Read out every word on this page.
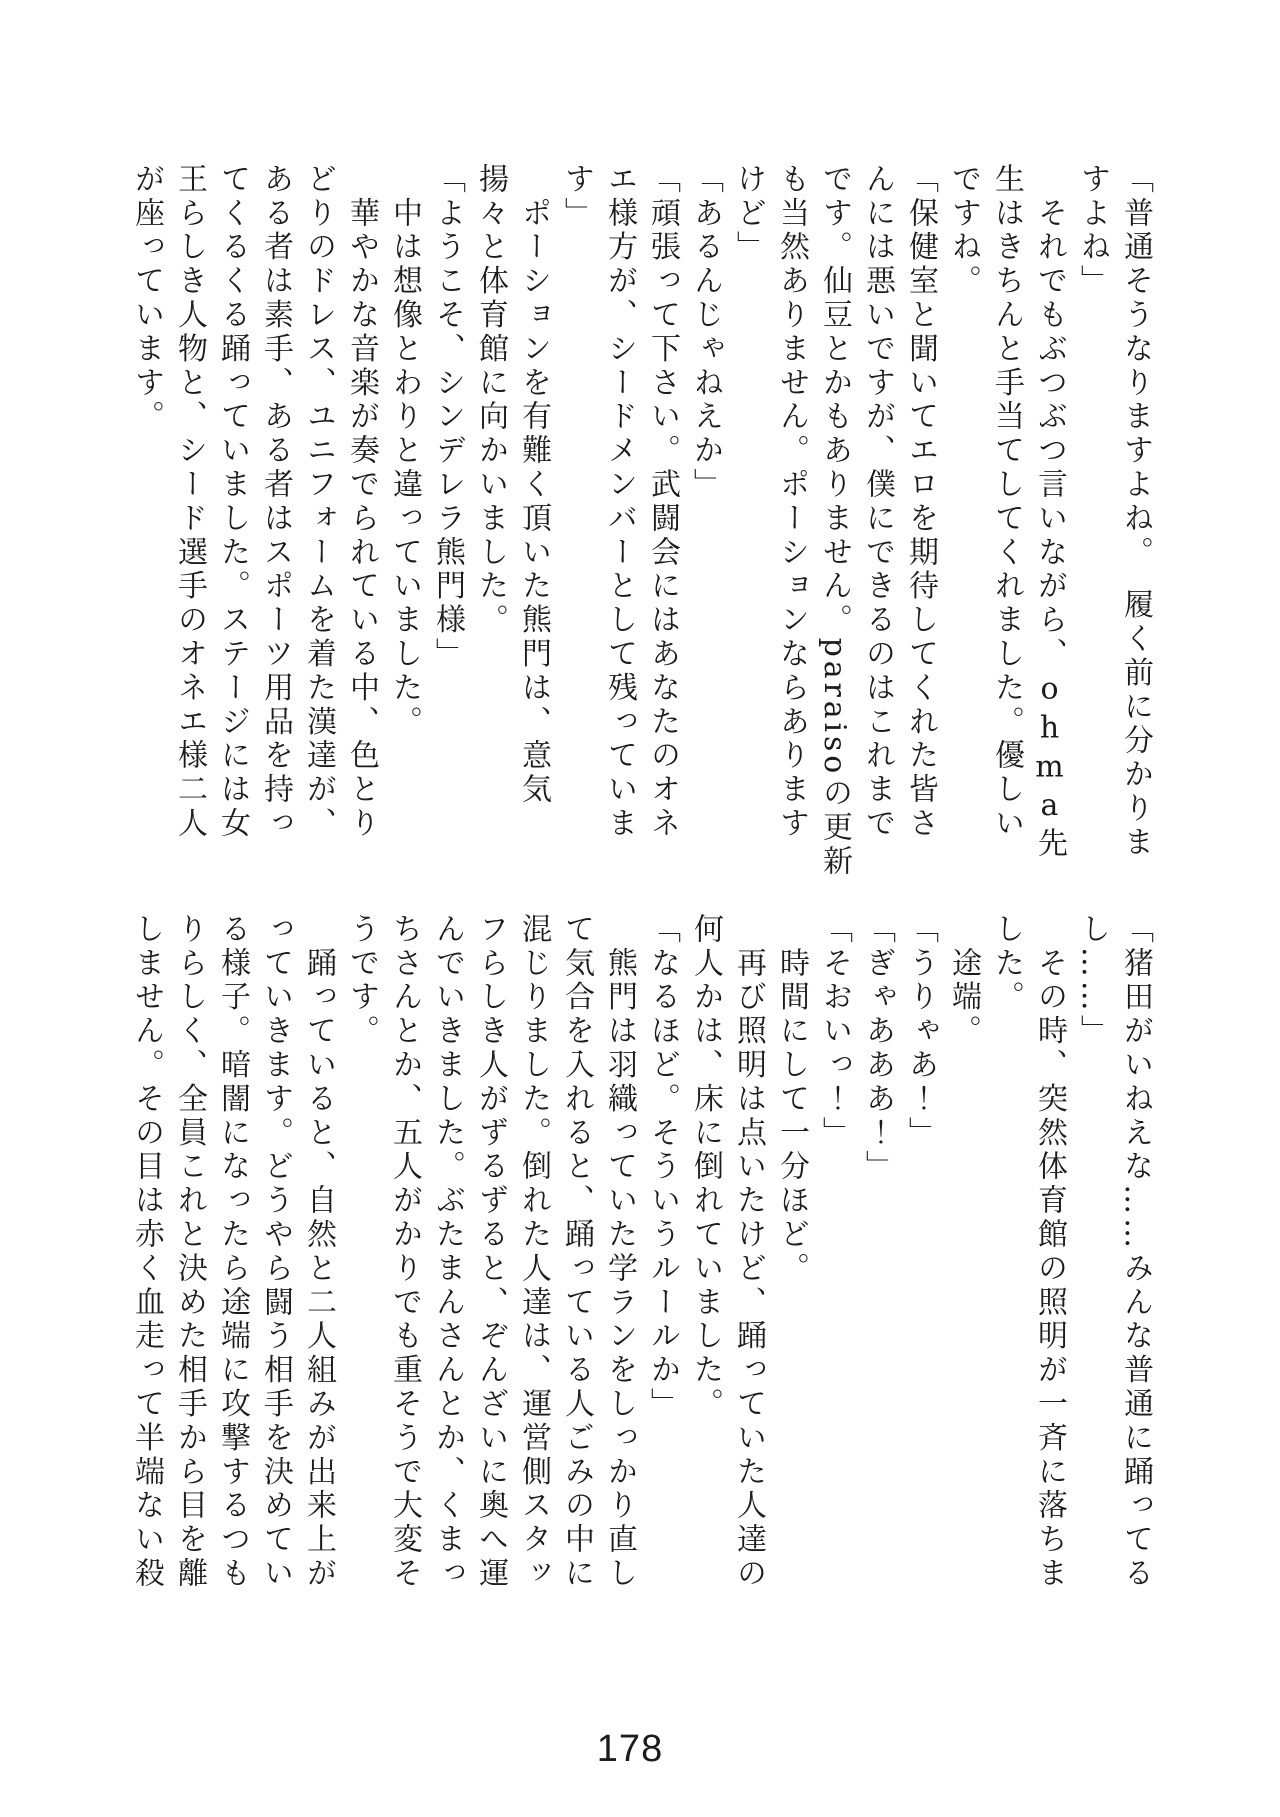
「普通そうなりますよね。　履く前に分かりま
すよね」
　それでもぶつぶつ言いながら、ohma先
生はきちんと手当てしてくれました。優しい
ですね。
「保健室と聞いてエロを期待してくれた皆さ
んには悪いですが、僕にできるのはこれまで
です。仙豆とかもありません。paraisoの更新
も当然ありません。ポーションならあります
けど」
「あるんじゃねえか」
「頑張って下さい。武闘会にはあなたのオネ
エ様方が、シードメンバーとして残っていま
す」
　ポーションを有難く頂いた熊門は、意気
揚々と体育館に向かいました。
「ようこそ、シンデレラ熊門様」
　中は想像とわりと違っていました。
　華やかな音楽が奏でられている中、色とり
どりのドレス、ユニフォームを着た漢達が、
ある者は素手、ある者はスポーツ用品を持っ
てくるくる踊っていました。ステージには女
王らしき人物と、シード選手のオネエ様二人
が座っています。
「猪田がいねえな……みんな普通に踊ってる
し……」
　その時、突然体育館の照明が一斉に落ちま
した。
　途端。
「うりゃあ！」
「ぎゃあああ！」
「そおいっ！」
　時間にして一分ほど。
　再び照明は点いたけど、踊っていた人達の
何人かは、床に倒れていました。
「なるほど。そういうルールか」
　熊門は羽織っていた学ランをしっかり直し
て気合を入れると、踊っている人ごみの中に
混じりました。倒れた人達は、運営側スタッ
フらしき人がずるずると、ぞんざいに奥へ運
んでいきました。ぶたまんさんとか、くまっ
ちさんとか、五人がかりでも重そうで大変そ
うです。
　踊っていると、自然と二人組みが出来上が
っていきます。どうやら闘う相手を決めてい
る様子。暗闇になったら途端に攻撃するつも
りらしく、全員これと決めた相手から目を離
しません。その目は赤く血走って半端ない殺
178
